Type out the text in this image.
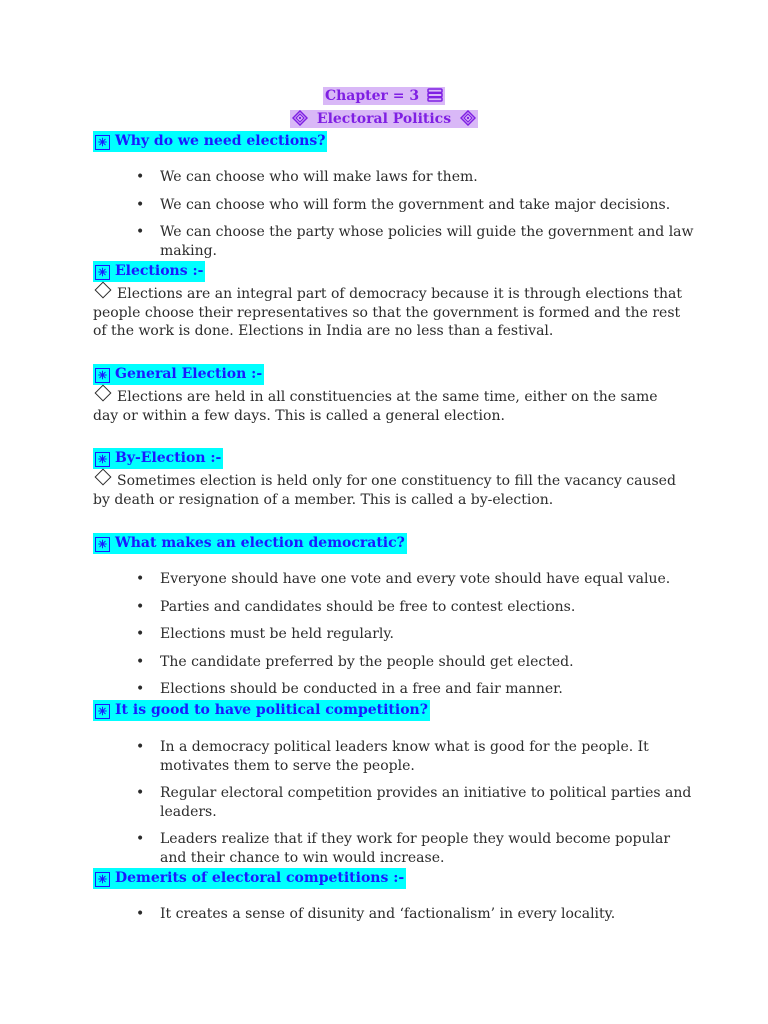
Chapter = 3
Electoral Politics
✳ Why do we need elections?
• We can choose who will make laws for them.
• We can choose who will form the government and take major decisions.
• We can choose the party whose policies will guide the government and law making.
✳ Elections :-
Elections are an integral part of democracy because it is through elections that people choose their representatives so that the government is formed and the rest of the work is done. Elections in India are no less than a festival.
✳ General Election :-
Elections are held in all constituencies at the same time, either on the same day or within a few days. This is called a general election.
✳ By-Election :-
Sometimes election is held only for one constituency to fill the vacancy caused by death or resignation of a member. This is called a by-election.
✳ What makes an election democratic?
• Everyone should have one vote and every vote should have equal value.
• Parties and candidates should be free to contest elections.
• Elections must be held regularly.
• The candidate preferred by the people should get elected.
• Elections should be conducted in a free and fair manner.
✳ It is good to have political competition?
• In a democracy political leaders know what is good for the people. It motivates them to serve the people.
• Regular electoral competition provides an initiative to political parties and leaders.
• Leaders realize that if they work for people they would become popular and their chance to win would increase.
✳ Demerits of electoral competitions :-
• It creates a sense of disunity and ‘factionalism’ in every locality.
